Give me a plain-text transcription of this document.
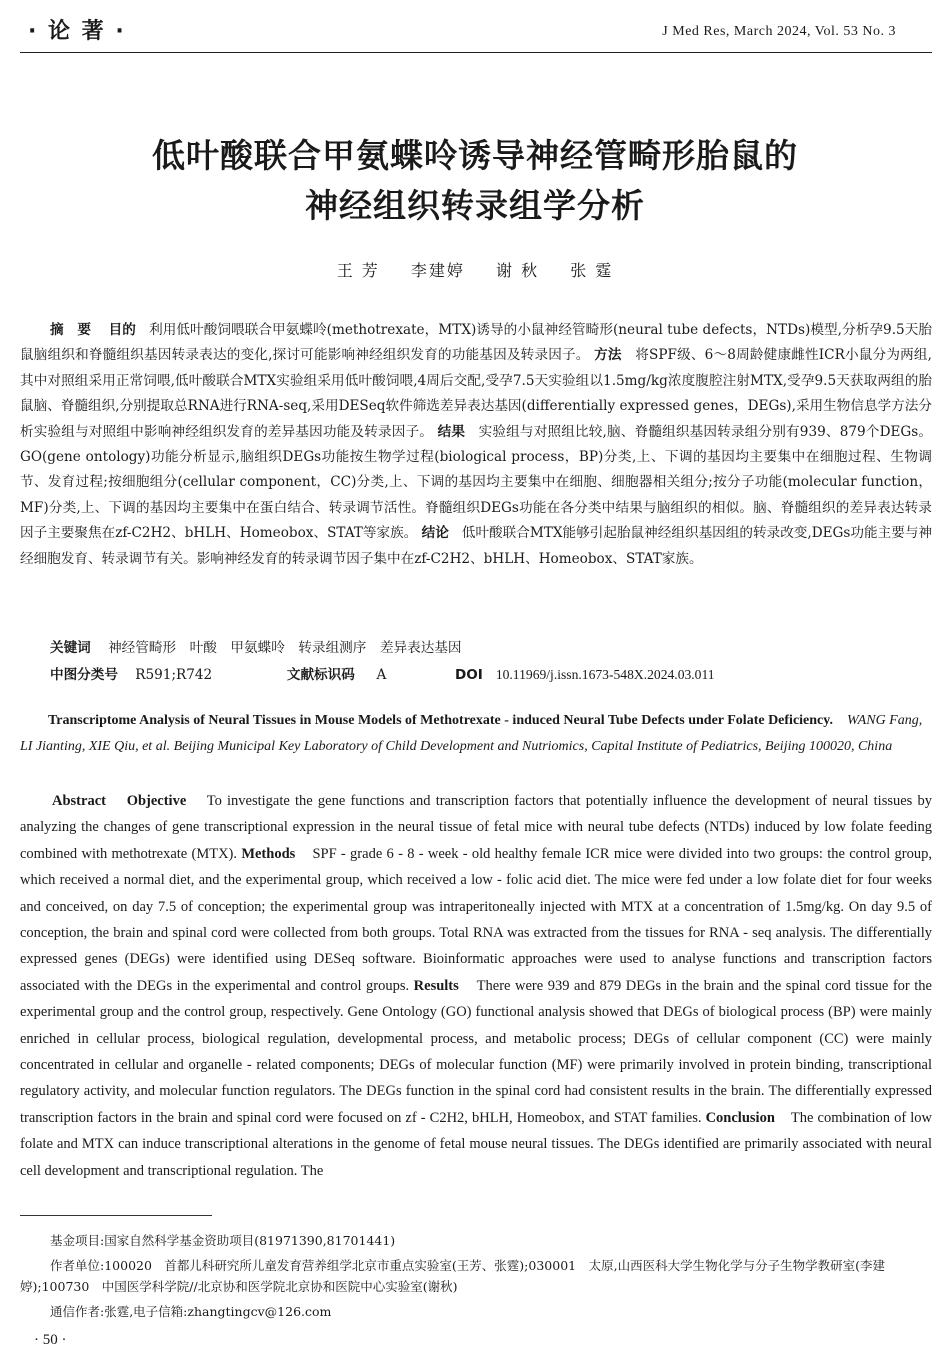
· 论 著 ·	J Med Res, March 2024, Vol. 53 No. 3
低叶酸联合甲氨蝶呤诱导神经管畸形胎鼠的
神经组织转录组学分析
王 芳 李建婷 谢 秋 张 霆
摘　要 目的 利用低叶酸饲喂联合甲氨蝶呤(methotrexate，MTX)诱导的小鼠神经管畸形(neural tube defects，NTDs)模型,分析孕9.5天胎鼠脑组织和脊髓组织基因转录表达的变化,探讨可能影响神经组织发育的功能基因及转录因子。 方法 将SPF级、6～8周龄健康雌性ICR小鼠分为两组,其中对照组采用正常饲喂,低叶酸联合MTX实验组采用低叶酸饲喂,4周后交配,受孕7.5天实验组以1.5mg/kg浓度腹腔注射MTX,受孕9.5天获取两组的胎鼠脑、脊髓组织,分别提取总RNA进行RNA-seq,采用DESeq软件筛选差异表达基因(differentially expressed genes，DEGs),采用生物信息学方法分析实验组与对照组中影响神经组织发育的差异基因功能及转录因子。 结果 实验组与对照组比较,脑、脊髓组织基因转录组分别有939、879个DEGs。GO(gene ontology)功能分析显示,脑组织DEGs功能按生物学过程(biological process，BP)分类,上、下调的基因均主要集中在细胞过程、生物调节、发育过程;按细胞组分(cellular component，CC)分类,上、下调的基因均主要集中在细胞、细胞器相关组分;按分子功能(molecular function，MF)分类,上、下调的基因均主要集中在蛋白结合、转录调节活性。脊髓组织DEGs功能在各分类中结果与脑组织的相似。脑、脊髓组织的差异表达转录因子主要聚焦在zf-C2H2、bHLH、Homeobox、STAT等家族。 结论 低叶酸联合MTX能够引起胎鼠神经组织基因组的转录改变,DEGs功能主要与神经细胞发育、转录调节有关。影响神经发育的转录调节因子集中在zf-C2H2、bHLH、Homeobox、STAT家族。
关键词 神经管畸形　叶酸　甲氨蝶呤　转录组测序　差异表达基因
中图分类号 R591;R742	文献标识码 A	DOI 10.11969/j.issn.1673-548X.2024.03.011
Transcriptome Analysis of Neural Tissues in Mouse Models of Methotrexate - induced Neural Tube Defects under Folate Deficiency. WANG Fang, LI Jianting, XIE Qiu, et al. Beijing Municipal Key Laboratory of Child Development and Nutriomics, Capital Institute of Pediatrics, Beijing 100020, China
Abstract Objective To investigate the gene functions and transcription factors that potentially influence the development of neural tissues by analyzing the changes of gene transcriptional expression in the neural tissue of fetal mice with neural tube defects (NTDs) induced by low folate feeding combined with methotrexate (MTX). Methods SPF - grade 6 - 8 - week - old healthy female ICR mice were divided into two groups: the control group, which received a normal diet, and the experimental group, which received a low - folic acid diet. The mice were fed under a low folate diet for four weeks and conceived, on day 7.5 of conception; the experimental group was intraperitoneally injected with MTX at a concentration of 1.5mg/kg. On day 9.5 of conception, the brain and spinal cord were collected from both groups. Total RNA was extracted from the tissues for RNA - seq analysis. The differentially expressed genes (DEGs) were identified using DESeq software. Bioinformatic approaches were used to analyse functions and transcription factors associated with the DEGs in the experimental and control groups. Results There were 939 and 879 DEGs in the brain and the spinal cord tissue for the experimental group and the control group, respectively. Gene Ontology (GO) functional analysis showed that DEGs of biological process (BP) were mainly enriched in cellular process, biological regulation, developmental process, and metabolic process; DEGs of cellular component (CC) were mainly concentrated in cellular and organelle - related components; DEGs of molecular function (MF) were primarily involved in protein binding, transcriptional regulatory activity, and molecular function regulators. The DEGs function in the spinal cord had consistent results in the brain. The differentially expressed transcription factors in the brain and spinal cord were focused on zf - C2H2, bHLH, Homeobox, and STAT families. Conclusion The combination of low folate and MTX can induce transcriptional alterations in the genome of fetal mouse neural tissues. The DEGs identified are primarily associated with neural cell development and transcriptional regulation. The
基金项目:国家自然科学基金资助项目(81971390,81701441)
作者单位:100020　首都儿科研究所儿童发育营养组学北京市重点实验室(王芳、张霆);030001　太原,山西医科大学生物化学与分子生物学教研室(李建婷);100730　中国医学科学院//北京协和医学院北京协和医院中心实验室(谢秋)
通信作者:张霆,电子信箱:zhangtingcv@126.com
· 50 ·
